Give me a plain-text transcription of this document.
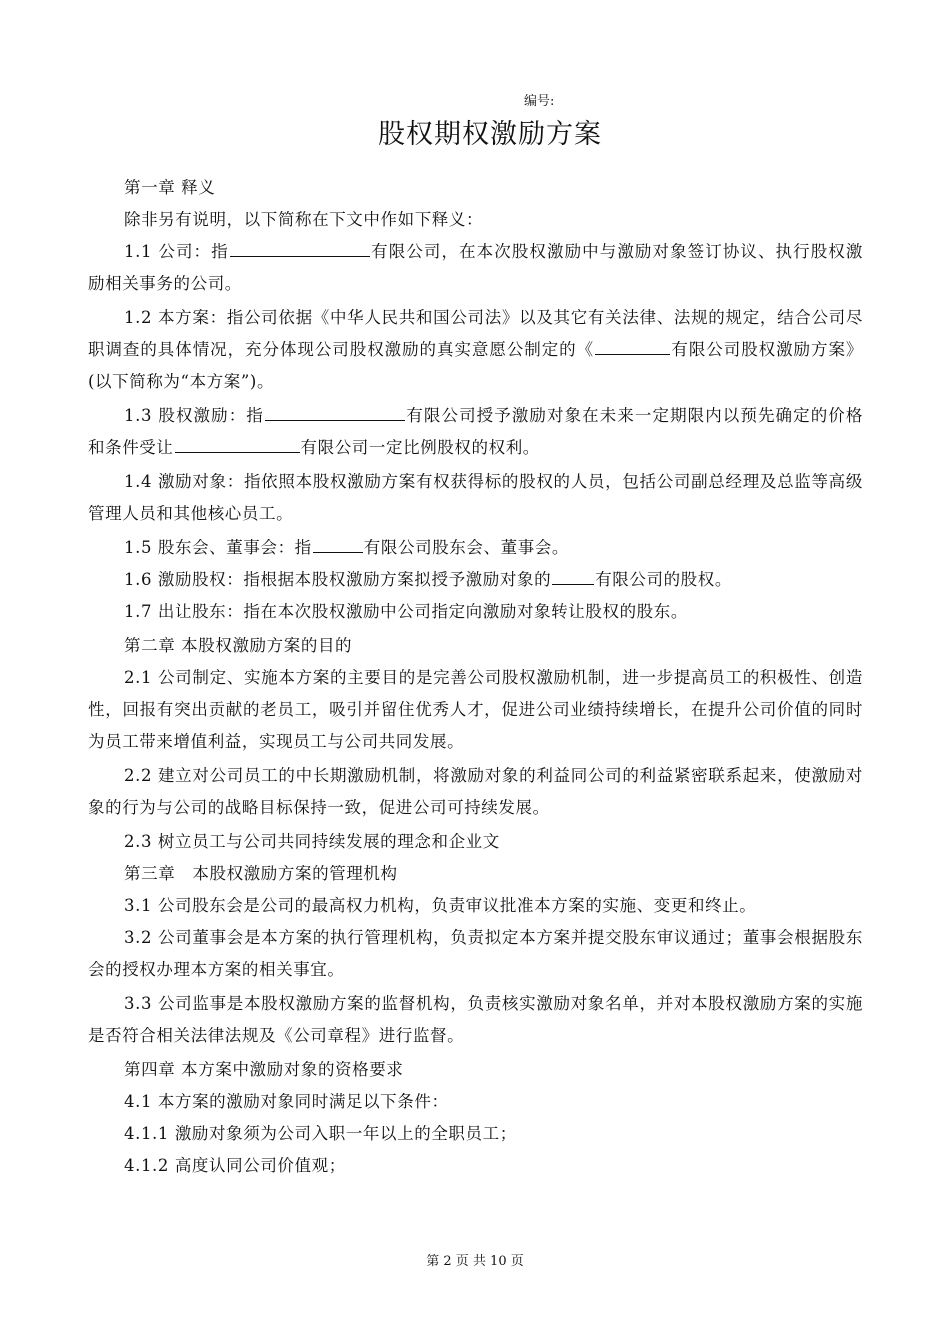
编号:
股权期权激励方案

第一章 释义

除非另有说明，以下简称在下文中作如下释义：

1.1 公司：指	有限公司，在本次股权激励中与激励对象签订协议、执行股权激励相关事务的公司。

1.2 本方案：指公司依据《中华人民共和国公司法》以及其它有关法律、法规的规定，结合公司尽职调查的具体情况，充分体现公司股权激励的真实意愿公制定的《	有限公司股权激励方案》(以下简称为“本方案”)。

1.3 股权激励：指	有限公司授予激励对象在未来一定期限内以预先确定的价格和条件受让	有限公司一定比例股权的权利。

1.4 激励对象：指依照本股权激励方案有权获得标的股权的人员，包括公司副总经理及总监等高级管理人员和其他核心员工。

1.5 股东会、董事会：指	有限公司股东会、董事会。

1.6 激励股权：指根据本股权激励方案拟授予激励对象的	有限公司的股权。

1.7 出让股东：指在本次股权激励中公司指定向激励对象转让股权的股东。

第二章 本股权激励方案的目的

2.1 公司制定、实施本方案的主要目的是完善公司股权激励机制，进一步提高员工的积极性、创造性，回报有突出贡献的老员工，吸引并留住优秀人才，促进公司业绩持续增长，在提升公司价值的同时为员工带来增值利益，实现员工与公司共同发展。

2.2 建立对公司员工的中长期激励机制，将激励对象的利益同公司的利益紧密联系起来，使激励对象的行为与公司的战略目标保持一致，促进公司可持续发展。

2.3 树立员工与公司共同持续发展的理念和企业文

第三章　本股权激励方案的管理机构

3.1 公司股东会是公司的最高权力机构，负责审议批准本方案的实施、变更和终止。

3.2 公司董事会是本方案的执行管理机构，负责拟定本方案并提交股东审议通过；董事会根据股东会的授权办理本方案的相关事宜。

3.3 公司监事是本股权激励方案的监督机构，负责核实激励对象名单，并对本股权激励方案的实施是否符合相关法律法规及《公司章程》进行监督。

第四章 本方案中激励对象的资格要求

4.1 本方案的激励对象同时满足以下条件：

4.1.1 激励对象须为公司入职一年以上的全职员工；

4.1.2 高度认同公司价值观；

第 2 页 共 10 页
